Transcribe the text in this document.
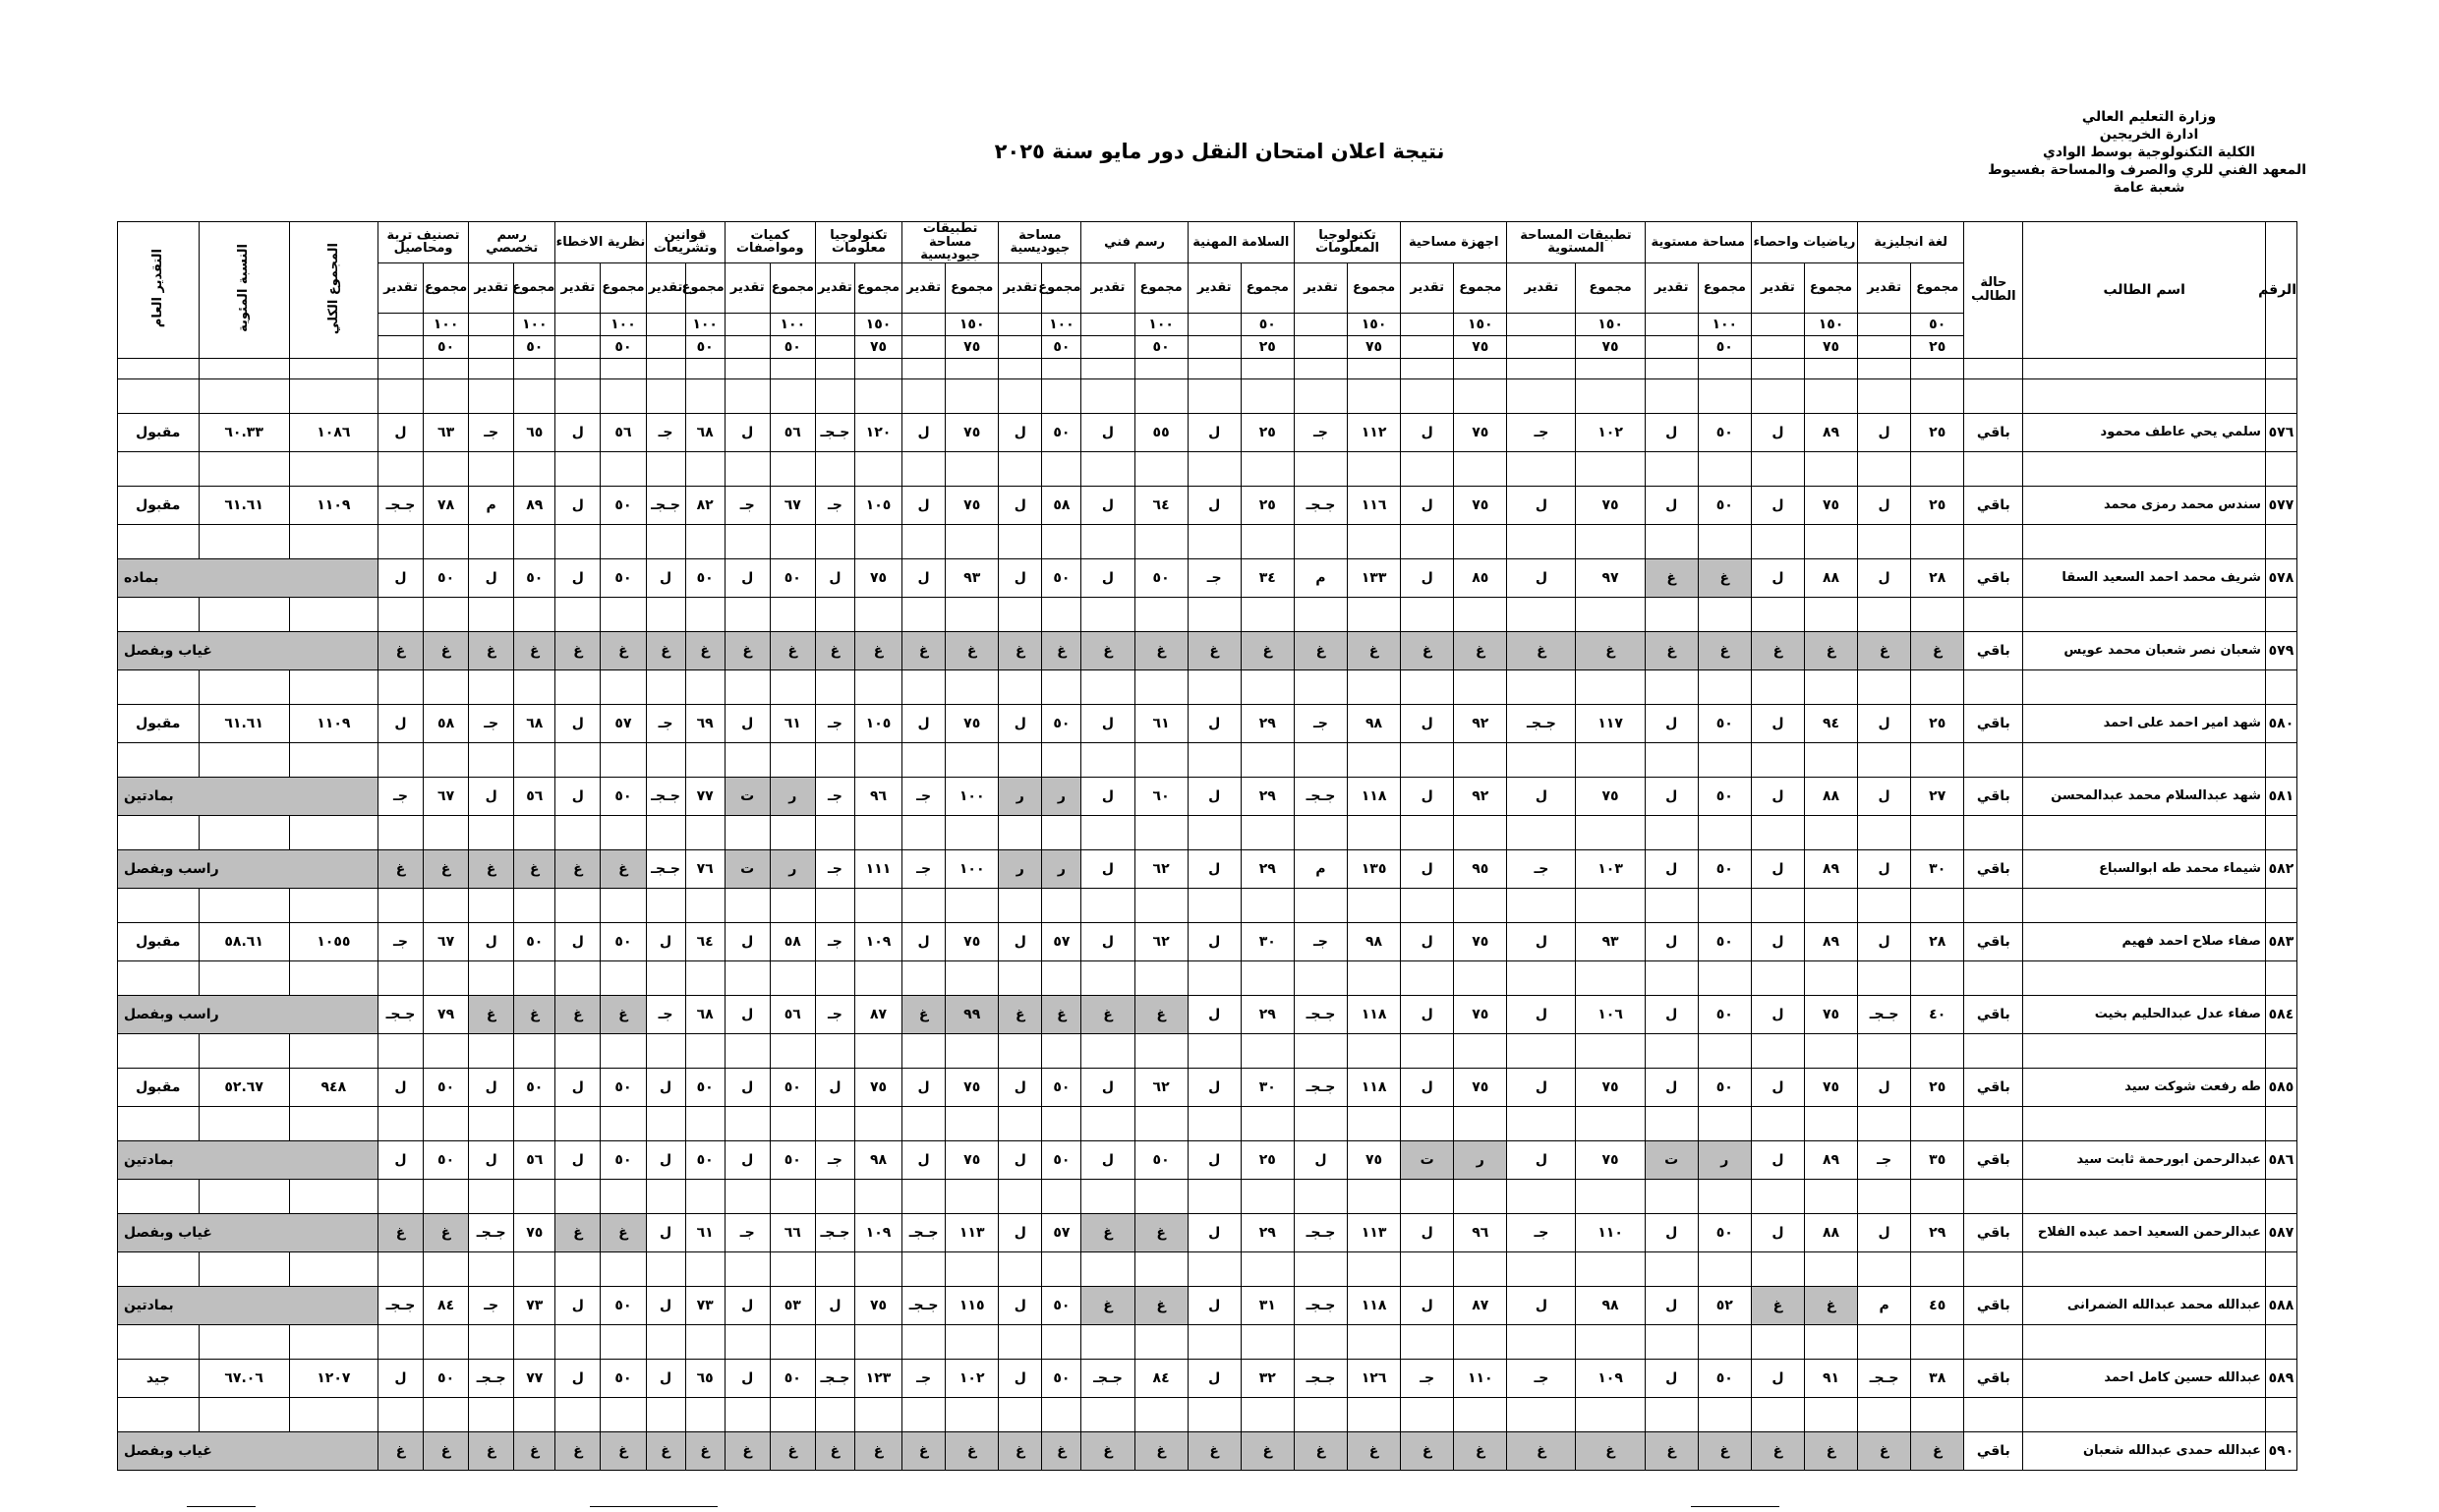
وزارة التعليم العالي
ادارة الخريجين
الكلية التكنولوجية بوسط الوادي
المعهد الفني للري والصرف والمساحة بفسيوط
شعبة عامة
نتيجة اعلان امتحان النقل دور مايو سنة ٢٠٢٥
الرقم	اسم الطالب	حالة الطالب	لغة انجليزية		رياضيات واحصاء		مساحة مستوية		تطبيقات المساحة المستوية		اجهزة مساحية		تكنولوجيا المعلومات		السلامة المهنية		رسم فني		مساحة جيوديسية		تطبيقات مساحة جيوديسية		تكنولوجيا معلومات		كميات ومواصفات		قوانين وتشريعات		نظرية الاخطاء		رسم تخصصي		تصنيف تربة ومحاصيل		المجموع الكلي	النسبة المئوية	التقدير العام
			مجموع	تقدير	مجموع	تقدير	مجموع	تقدير	مجموع	تقدير	مجموع	تقدير	مجموع	تقدير	مجموع	تقدير	مجموع	تقدير	مجموع	تقدير	مجموع	تقدير	مجموع	تقدير	مجموع	تقدير	مجموع	تقدير	مجموع	تقدير	مجموع	تقدير	مجموع	تقدير			
			٥٠		١٥٠		١٠٠		١٥٠		١٥٠		١٥٠		٥٠		١٠٠		١٠٠		١٥٠		١٥٠		١٠٠		١٠٠		١٠٠		١٠٠		١٠٠				
			٢٥		٧٥		٥٠		٧٥		٧٥		٧٥		٢٥		٥٠		٥٠		٧٥		٧٥		٥٠		٥٠		٥٠		٥٠		٥٠				

٥٧٦	سلمي يحي عاطف محمود	باقي	٢٥	ل	٨٩	ل	٥٠	ل	١٠٢	جـ	٧٥	ل	١١٢	جـ	٢٥	ل	٥٥	ل	٥٠	ل	٧٥	ل	١٢٠	جـجـ	٥٦	ل	٦٨	جـ	٥٦	ل	٦٥	جـ	٦٣	ل	١٠٨٦	٦٠.٣٣	مقبول

٥٧٧	سندس محمد رمزى محمد	باقي	٢٥	ل	٧٥	ل	٥٠	ل	٧٥	ل	٧٥	ل	١١٦	جـجـ	٢٥	ل	٦٤	ل	٥٨	ل	٧٥	ل	١٠٥	جـ	٦٧	جـ	٨٢	جـجـ	٥٠	ل	٨٩	م	٧٨	جـجـ	١١٠٩	٦١.٦١	مقبول

٥٧٨	شريف محمد احمد السعيد السقا	باقي	٢٨	ل	٨٨	ل	غ	غ	٩٧	ل	٨٥	ل	١٣٣	م	٣٤	جـ	٥٠	ل	٥٠	ل	٩٣	ل	٧٥	ل	٥٠	ل	٥٠	ل	٥٠	ل	٥٠	ل	٥٠	ل	بماده		

٥٧٩	شعبان نصر شعبان محمد عويس	باقي	غ	غ	غ	غ	غ	غ	غ	غ	غ	غ	غ	غ	غ	غ	غ	غ	غ	غ	غ	غ	غ	غ	غ	غ	غ	غ	غ	غ	غ	غ	غ	غ	غياب وبفصل		

٥٨٠	شهد امير احمد على احمد	باقي	٢٥	ل	٩٤	ل	٥٠	ل	١١٧	جـجـ	٩٢	ل	٩٨	جـ	٢٩	ل	٦١	ل	٥٠	ل	٧٥	ل	١٠٥	جـ	٦١	ل	٦٩	جـ	٥٧	ل	٦٨	جـ	٥٨	ل	١١٠٩	٦١.٦١	مقبول

٥٨١	شهد عبدالسلام محمد عبدالمحسن	باقي	٢٧	ل	٨٨	ل	٥٠	ل	٧٥	ل	٩٢	ل	١١٨	جـجـ	٢٩	ل	٦٠	ل	ر	ر	١٠٠	جـ	٩٦	جـ	ر	ت	٧٧	جـجـ	٥٠	ل	٥٦	ل	٦٧	جـ	بمادتين		

٥٨٢	شيماء محمد طه ابوالسباع	باقي	٣٠	ل	٨٩	ل	٥٠	ل	١٠٣	جـ	٩٥	ل	١٣٥	م	٢٩	ل	٦٢	ل	ر	ر	١٠٠	جـ	١١١	جـ	ر	ت	٧٦	جـجـ	غ	غ	غ	غ	غ	غ	راسب وبفصل		

٥٨٣	صفاء صلاح احمد فهيم	باقي	٢٨	ل	٨٩	ل	٥٠	ل	٩٣	ل	٧٥	ل	٩٨	جـ	٣٠	ل	٦٢	ل	٥٧	ل	٧٥	ل	١٠٩	جـ	٥٨	ل	٦٤	ل	٥٠	ل	٥٠	ل	٦٧	جـ	١٠٥٥	٥٨.٦١	مقبول

٥٨٤	صفاء عدل عبدالحليم بخيت	باقي	٤٠	جـجـ	٧٥	ل	٥٠	ل	١٠٦	ل	٧٥	ل	١١٨	جـجـ	٢٩	ل	غ	غ	غ	غ	٩٩	غ	٨٧	جـ	٥٦	ل	٦٨	جـ	غ	غ	غ	غ	٧٩	جـجـ	راسب وبفصل		

٥٨٥	طه رفعت شوكت سيد	باقي	٢٥	ل	٧٥	ل	٥٠	ل	٧٥	ل	٧٥	ل	١١٨	جـجـ	٣٠	ل	٦٢	ل	٥٠	ل	٧٥	ل	٧٥	ل	٥٠	ل	٥٠	ل	٥٠	ل	٥٠	ل	٥٠	ل	٩٤٨	٥٢.٦٧	مقبول

٥٨٦	عبدالرحمن ابورحمة ثابت سيد	باقي	٣٥	جـ	٨٩	ل	ر	ت	٧٥	ل	ر	ت	٧٥	ل	٢٥	ل	٥٠	ل	٥٠	ل	٧٥	ل	٩٨	جـ	٥٠	ل	٥٠	ل	٥٠	ل	٥٦	ل	٥٠	ل	بمادتين		

٥٨٧	عبدالرحمن السعيد احمد عبده الفلاح	باقي	٢٩	ل	٨٨	ل	٥٠	ل	١١٠	جـ	٩٦	ل	١١٣	جـجـ	٢٩	ل	غ	غ	٥٧	ل	١١٣	جـجـ	١٠٩	جـجـ	٦٦	جـ	٦١	ل	غ	غ	٧٥	جـجـ	غ	غ	غياب وبفصل		

٥٨٨	عبدالله محمد عبدالله الضمرانى	باقي	٤٥	م	غ	غ	٥٢	ل	٩٨	ل	٨٧	ل	١١٨	جـجـ	٣١	ل	غ	غ	٥٠	ل	١١٥	جـجـ	٧٥	ل	٥٣	ل	٧٣	ل	٥٠	ل	٧٣	جـ	٨٤	جـجـ	بمادتين		

٥٨٩	عبدالله حسين كامل احمد	باقي	٣٨	جـجـ	٩١	ل	٥٠	ل	١٠٩	جـ	١١٠	جـ	١٢٦	جـجـ	٣٢	ل	٨٤	جـجـ	٥٠	ل	١٠٢	جـ	١٢٣	جـجـ	٥٠	ل	٦٥	ل	٥٠	ل	٧٧	جـجـ	٥٠	ل	١٢٠٧	٦٧.٠٦	جيد

٥٩٠	عبدالله حمدى عبدالله شعبان	باقي	غ	غ	غ	غ	غ	غ	غ	غ	غ	غ	غ	غ	غ	غ	غ	غ	غ	غ	غ	غ	غ	غ	غ	غ	غ	غ	غ	غ	غ	غ	غ	غ	غياب وبفصل		
